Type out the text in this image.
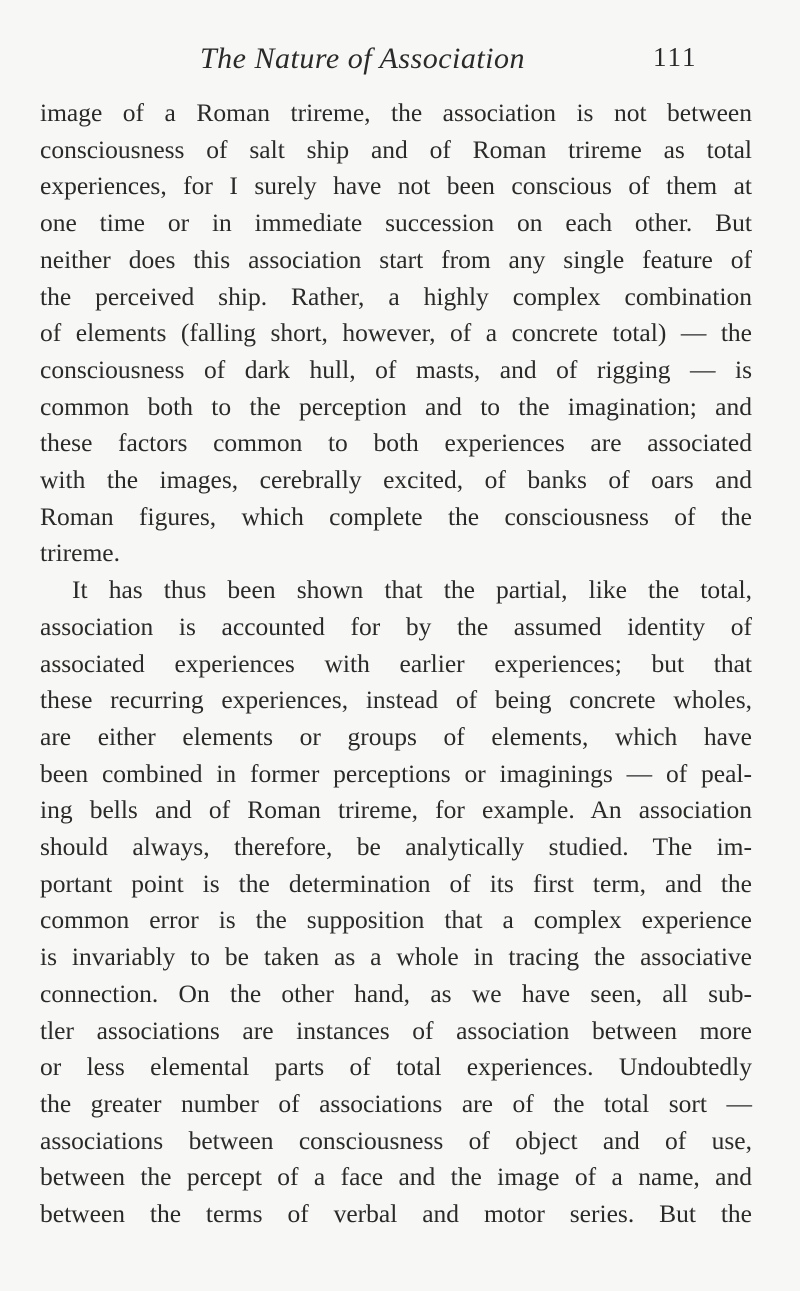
The Nature of Association	111
image of a Roman trireme, the association is not between
consciousness of salt ship and of Roman trireme as total
experiences, for I surely have not been conscious of them at
one time or in immediate succession on each other. But
neither does this association start from any single feature of
the perceived ship. Rather, a highly complex combination
of elements (falling short, however, of a concrete total) — the
consciousness of dark hull, of masts, and of rigging — is
common both to the perception and to the imagination; and
these factors common to both experiences are associated
with the images, cerebrally excited, of banks of oars and
Roman figures, which complete the consciousness of the
trireme.
It has thus been shown that the partial, like the total,
association is accounted for by the assumed identity of
associated experiences with earlier experiences; but that
these recurring experiences, instead of being concrete wholes,
are either elements or groups of elements, which have
been combined in former perceptions or imaginings — of peal-
ing bells and of Roman trireme, for example. An association
should always, therefore, be analytically studied. The im-
portant point is the determination of its first term, and the
common error is the supposition that a complex experience
is invariably to be taken as a whole in tracing the associative
connection. On the other hand, as we have seen, all sub-
tler associations are instances of association between more
or less elemental parts of total experiences. Undoubtedly
the greater number of associations are of the total sort —
associations between consciousness of object and of use,
between the percept of a face and the image of a name, and
between the terms of verbal and motor series. But the
